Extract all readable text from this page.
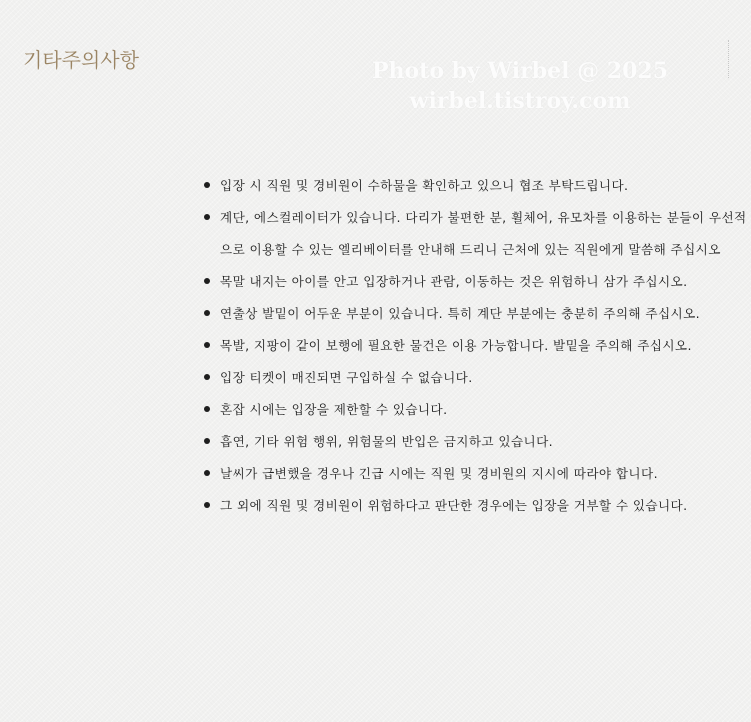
기타주의사항	Photo by Wirbel @ 2025
wirbel.tistroy.com
입장 시 직원 및 경비원이 수하물을 확인하고 있으니 협조 부탁드립니다.
계단, 에스컬레이터가 있습니다. 다리가 불편한 분, 휠체어, 유모차를 이용하는 분들이 우선적으로 이용할 수 있는 엘리베이터를 안내해 드리니 근처에 있는 직원에게 말씀해 주십시오
목말 내지는 아이를 안고 입장하거나 관람, 이동하는 것은 위험하니 삼가 주십시오.
연출상 발밑이 어두운 부분이 있습니다. 특히 계단 부분에는 충분히 주의해 주십시오.
목발, 지팡이 같이 보행에 필요한 물건은 이용 가능합니다. 발밑을 주의해 주십시오.
입장 티켓이 매진되면 구입하실 수 없습니다.
혼잡 시에는 입장을 제한할 수 있습니다.
흡연, 기타 위험 행위, 위험물의 반입은 금지하고 있습니다.
날씨가 급변했을 경우나 긴급 시에는 직원 및 경비원의 지시에 따라야 합니다.
그 외에 직원 및 경비원이 위험하다고 판단한 경우에는 입장을 거부할 수 있습니다.
